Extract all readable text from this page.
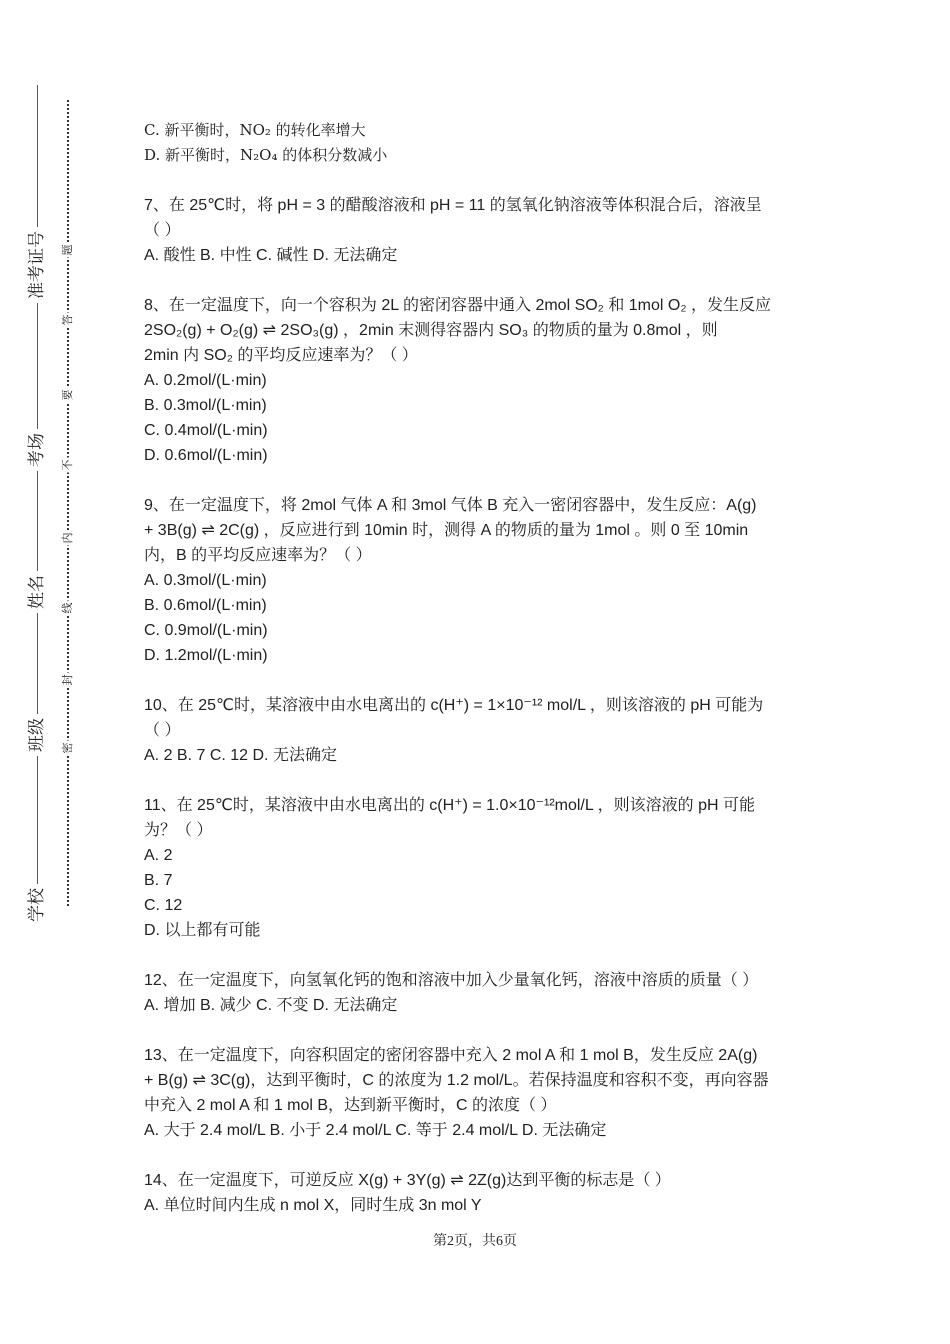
准考证号
考场
姓名
班级
学校
题
答
要
不
内
线
封
密
C. 新平衡时，NO₂ 的转化率增大
D. 新平衡时，N₂O₄ 的体积分数减小
7、在 25℃时，将 pH = 3 的醋酸溶液和 pH = 11 的氢氧化钠溶液等体积混合后，溶液呈
（ ）
A. 酸性 B. 中性 C. 碱性 D. 无法确定
8、在一定温度下，向一个容积为 2L 的密闭容器中通入 2mol SO₂ 和 1mol O₂ ，发生反应
2SO₂(g) + O₂(g) ⇌ 2SO₃(g) ，2min 末测得容器内 SO₃ 的物质的量为 0.8mol ，则
2min 内 SO₂ 的平均反应速率为？（ ）
A. 0.2mol/(L·min)
B. 0.3mol/(L·min)
C. 0.4mol/(L·min)
D. 0.6mol/(L·min)
9、在一定温度下，将 2mol 气体 A 和 3mol 气体 B 充入一密闭容器中，发生反应：A(g)
+ 3B(g) ⇌ 2C(g) ，反应进行到 10min 时，测得 A 的物质的量为 1mol 。则 0 至 10min
内，B 的平均反应速率为？（ ）
A. 0.3mol/(L·min)
B. 0.6mol/(L·min)
C. 0.9mol/(L·min)
D. 1.2mol/(L·min)
10、在 25℃时，某溶液中由水电离出的 c(H⁺) = 1×10⁻¹² mol/L ，则该溶液的 pH 可能为
（ ）
A. 2 B. 7 C. 12 D. 无法确定
11、在 25℃时，某溶液中由水电离出的 c(H⁺) = 1.0×10⁻¹²mol/L ，则该溶液的 pH 可能
为？（ ）
A. 2
B. 7
C. 12
D. 以上都有可能
12、在一定温度下，向氢氧化钙的饱和溶液中加入少量氧化钙，溶液中溶质的质量（ ）
A. 增加 B. 减少 C. 不变 D. 无法确定
13、在一定温度下，向容积固定的密闭容器中充入 2 mol A 和 1 mol B，发生反应 2A(g)
+ B(g) ⇌ 3C(g)，达到平衡时，C 的浓度为 1.2 mol/L。若保持温度和容积不变，再向容器
中充入 2 mol A 和 1 mol B，达到新平衡时，C 的浓度（ ）
A. 大于 2.4 mol/L B. 小于 2.4 mol/L C. 等于 2.4 mol/L D. 无法确定
14、在一定温度下，可逆反应 X(g) + 3Y(g) ⇌ 2Z(g)达到平衡的标志是（ ）
A. 单位时间内生成 n mol X，同时生成 3n mol Y
第2页，共6页
